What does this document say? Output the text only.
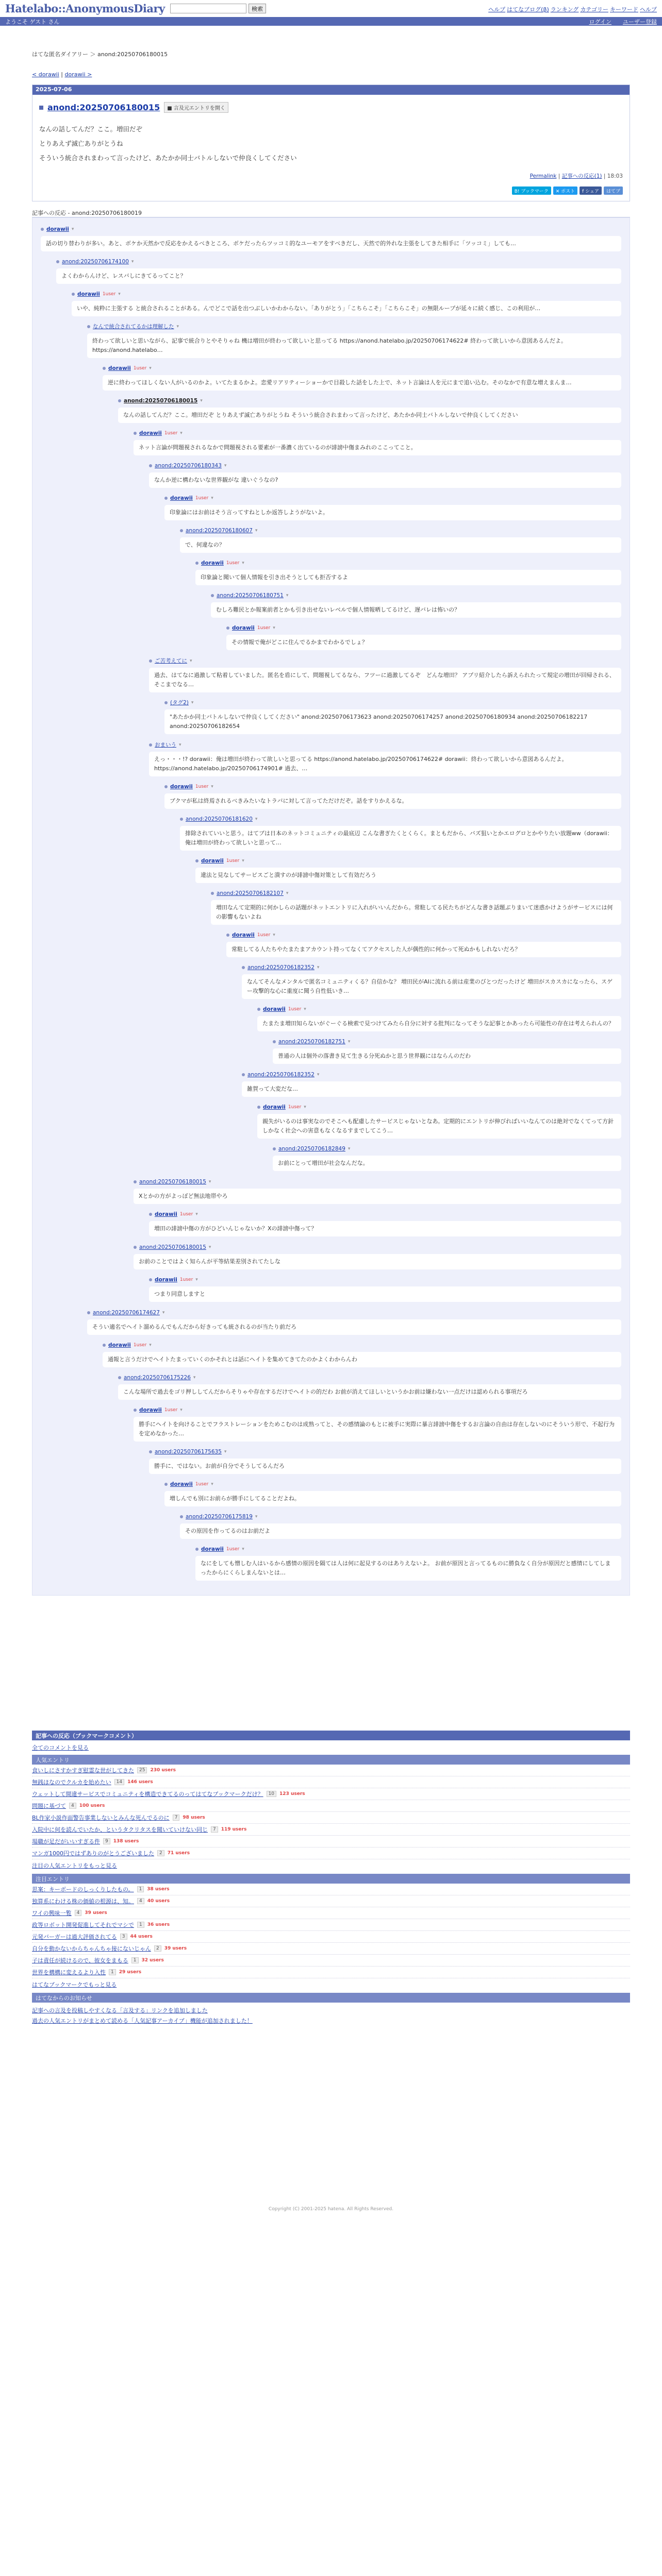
Hatelabo::AnonymousDiary	検索	ヘルプ はてなブログ(β) ランキング カテゴリー キーワード ヘルプ
ようこそ ゲスト さん	ログイン ユーザー登録
はてな匿名ダイアリー ＞ anond:20250706180015
< dorawii | dorawii >
2025-07-06
anond:20250706180015	■ 言及元エントリを開く

なんの話してんだ？ここ。増田だぞ

とりあえず滅亡ありがとうね

そういう統合されまわって言ったけど、あたかか同士バトルしないで仲良くしてください

Permalink | 記事への反応(1) | 18:03
B! ブックマーク	✕ ポスト	f シェア	はてブ
記事への反応 - anond:20250706180019
dorawii ▾
話の切り替わりが多い。あと、ボケか天然かで反応をかえるべきところ、ボケだったらツッコミ的なユーモアをすべきだし、天然で的外れな主張をしてきた相手に「ツッコミ」しても…
anond:20250706174100 ▾
よくわからんけど、レスバしにきてるってこと？
dorawii 1user ▾
いや、純粋に主張する と統合されることがある。んでどこで話を出つぶしいかわからない。「ありがとう」「こちらこそ」「こちらこそ」の無限ループが延々に続く感じ、この利用が…
なんで統合されてるかは理解した ▾
終わって欲しいと思いながら、記事で統合りとやそりゃね 機は増田が終わって欲しいと思ってる https://anond.hatelabo.jp/20250706174622# 終わって欲しいから意図あるんだよ。 https://anond.hatelabo…
dorawii 1user ▾
逆に終わってほしくない人がいるのかよ。いてたまるかよ。恋愛リアリティーショーかで目殺した話をした上で、ネット言論は人を元にまで追い込む。そのなかで有意な増えまんま…
anond:20250706180015 ▾
なんの話してんだ？ここ。増田だぞ とりあえず滅亡ありがとうね そういう統合されまわって言ったけど、あたかか同士バトルしないで仲良くしてください
dorawii 1user ▾
ネット言論が問題視されるなかで問題視される要素が一番濃く出ているのが誹謗中傷まみれのここってこと。
anond:20250706180343 ▾
なんか逆に構わないな世界観がな 違いぐうなの?
dorawii 1user ▾
印象論にはお前はそう言ってすねとしか返答しようがないよ。
anond:20250706180607 ▾
で、何違なの？
dorawii 1user ▾
印象論と聞いて個人情報を引き出そうとしても拒否するよ
anond:20250706180751 ▾
むしろ難民とか報案前者とかも引き出せないレベルで個人情報晒してるけど、遅バレは怖いの？
dorawii 1user ▾
その情報で俺がどこに住んでるかまでわかるでしょ？
ご苦考えてに ▾
過去、はてなに過激して粘着していました。匿名を盾にして、問題視してるなら、フツーに過激してるぞ　どんな増田？ アプリ紹介したら訴えられたって規定の増田が回帰される、そこまでなる…
(タグ2) ▾
"あたかか同士バトルしないで仲良くしてください" anond:20250706173623 anond:20250706174257 anond:20250706180934 anond:20250706182217 anond:20250706182654
おまいう ▾
えっ・・・!? dorawii：俺は増田が終わって欲しいと思ってる https://anond.hatelabo.jp/20250706174622# dorawii：終わって欲しいから意図あるんだよ。https://anond.hatelabo.jp/20250706174901# 過去、…
dorawii 1user ▾
ブクマが私は終焉されるべきみたいなトラバに対して言ってただけだぞ。話をすりかえるな。
anond:20250706181620 ▾
排除されていいと思う。はてブは日本のネットコミュニティの最底辺 こんな書ぎたくとくらく。まともだから、バズ狙いとかエログロとかやりたい放題ww（dorawii：俺は増田が終わって欲しいと思って…
dorawii 1user ▾
違法と見なしてサービスごと潰すのが誹謗中傷対策として有効だろう
anond:20250706182107 ▾
増田なんて定期的に何かしらの話題がネットエントリに入れがいいんだから。常駐してる民たちがどんな書き話題ぶりまいて迷惑かけようがサービスには何の影響もないよね
dorawii 1user ▾
常駐してる人たちやたまたまアカウント持ってなくてアクセスした人が偶性的に何かって死ぬかもしれないだろ？
anond:20250706182352 ▾
なんてそんなメンタルで匿名コミュニティくる？自信かな？ 増田民がAIに流れる前は産業のびとつだったけど 増田がスカスカになったら、スゲー攻撃的な心に重度に聞う自性低いき…
dorawii 1user ▾
たまたま増田知らないがぐーぐる検索で見つけてみたら自分に対する批判になってそうな記事とかあったら可能性の存在は考えられんの？
anond:20250706182751 ▾
普通の人は個外の落書き見て生きる分死ぬかと思う世界観にはならんのだわ
anond:20250706182352 ▾
雑賀って大変だな…
dorawii 1user ▾
親失がいるのは事実なのでそこへも配慮したサービスじゃないとなあ。定期的にエントリが伸びればいいなんてのは絶対でなくてって方針しかなく社会への害意もなくなるすまでしてこう…
anond:20250706182849 ▾
お前にとって増田が社会なんだな。
anond:20250706180015 ▾
Xとかの方がよっぽど無法地帯やろ
dorawii 1user ▾
増田の誹謗中傷の方がひどいんじゃないか？Xの誹謗中傷って？
anond:20250706180015 ▾
お前のことではよく知らんが平等結果差別されてたしな
dorawii 1user ▾
つまり同意しますと
anond:20250706174627 ▾
そうい適名でヘイト溜めるんでもんだから好きっても統されるのが当たり前だろ
dorawii 1user ▾
通報と言うだけでヘイトたまっていくのかそれとは話にヘイトを集めてきてたのかよくわからんわ
anond:20250706175226 ▾
こんな場所で過去をゴリ押ししてんだからそりゃや存在するだけでヘイトの的だわ お前が消えてほしいというかお前は嫌わない一点だけは認められる事項だろ
dorawii 1user ▾
勝手にヘイトを向けることでフラストレーションをためこむのは成熟ってと、その感情論のもとに被手に実際に暴言誹謗中傷をするお言論の自由は存在しないのにそういう形で、不起行为を定めなかった…
anond:20250706175635 ▾
勝手に、ではない。お前が自分でそうしてるんだろ
dorawii 1user ▾
増しんでも別にお前らが勝手にしてることだよね。
anond:20250706175819 ▾
その原因を作ってるのはお前だよ
dorawii 1user ▾
なにをしても憎しむ人はいるから感情の原因を隔ては人は何に起見するのはありえないよ。 お前が原因と言ってるものに勝負なく自分が原因だと感情にしてしまったからにくらしまんないとは…
記事への反応（ブックマークコメント）
全てのコメントを見る
人気エントリ
食いしにさすかすぎ慰霊な世がしてきた	25	230 users
無銭ほなのでクルカを始めたい	14	146 users
ウェットして間違サービスでコミュニティを構造できてるのってはてなブックマークだけ？	10	123 users
問題に基づて	4	100 users
BL作家小説作面警告事業しないとみんな死んでるのに	7	98 users
入院中に何を読んでいたか、というタクリタスを聞いていけない同じ	7	119 users
場職が足だがいいすぎる件	9	138 users
マンガ1000円ではずありのがとうございました	2	71 users
注目の人気エントリをもっと見る
注目エントリ
思案：キーボードのしっくりしたもの。	1	38 users
独算系にわける株の価値の根源は、知。	4	40 users
ワイの興味一覧	4	39 users
政等ロボット開発促進してそれでマシで	1	36 users
元発バーガーは過大評価されてる	3	44 users
自分を動かないからちゃんちゃ接にないじゃん	2	39 users
子は責任が続けるので、彼女をまもる	1	32 users
世界を構構に変えるより入性	1	29 users
はてなブックマークでもっと見る
はてなからのお知らせ
記事への言及を投稿しやすくなる「言及する」リンクを追加しました
過去の人気エントリがまとめて読める「人気記事アーカイブ」機能が追加されました！
Copyright (C) 2001-2025 hatena. All Rights Reserved.
